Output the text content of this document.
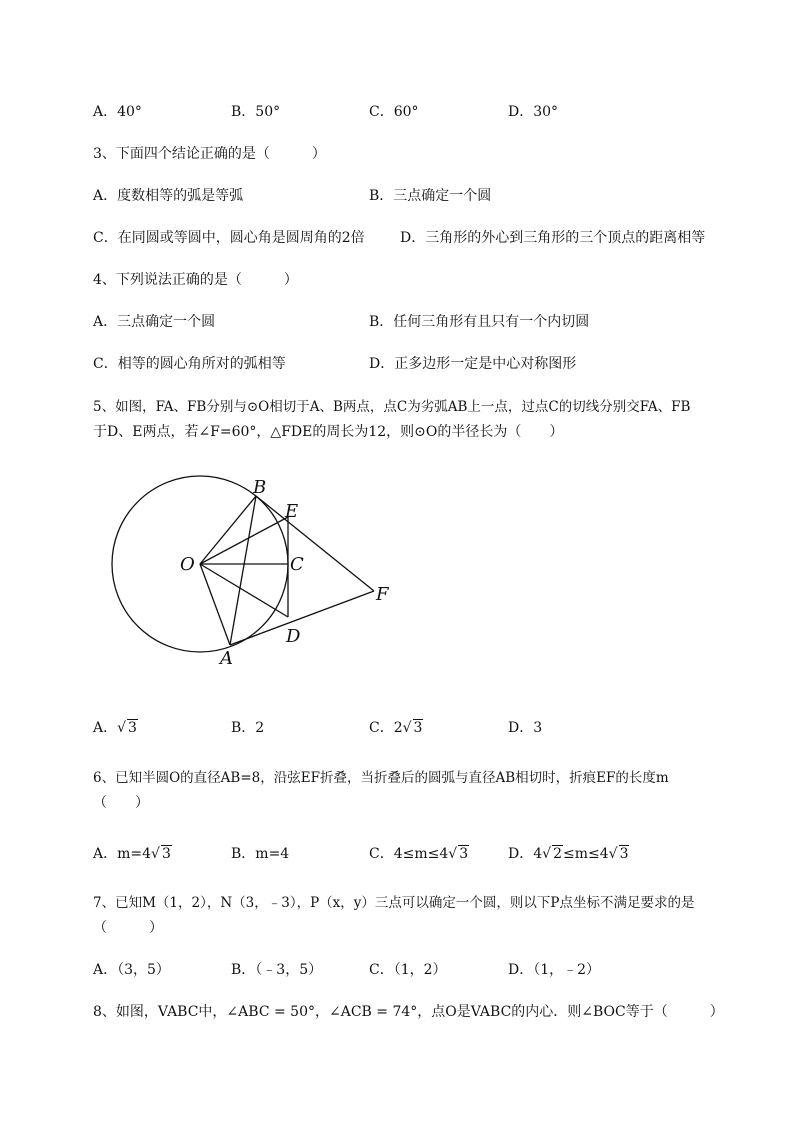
A．40°	B．50°	C．60°	D．30°
3、下面四个结论正确的是（　　　）
A．度数相等的弧是等弧	B．三点确定一个圆
C．在同圆或等圆中，圆心角是圆周角的2倍	D．三角形的外心到三角形的三个顶点的距离相等
4、下列说法正确的是（　　　）
A．三点确定一个圆	B．任何三角形有且只有一个内切圆
C．相等的圆心角所对的弧相等	D．正多边形一定是中心对称图形
5、如图，FA、FB分别与⊙O相切于A、B两点，点C为劣弧AB上一点，过点C的切线分别交FA、FB
于D、E两点，若∠F=60°，△FDE的周长为12，则⊙O的半径长为（　　）
B
E
O	C
F
D
A
A．√ 3	B．2	C．2√ 3	D．3
6、已知半圆O的直径AB=8，沿弦EF折叠，当折叠后的圆弧与直径AB相切时，折痕EF的长度m
（　　）
A．m=4√ 3	B．m=4	C．4≤m≤4√ 3	D．4√ 2≤m≤4√ 3
7、已知M（1，2），N（3，﹣3），P（x，y）三点可以确定一个圆，则以下P点坐标不满足要求的是
（　　　）
A．（3，5）	B．（﹣3，5）	C．（1，2）	D．（1，﹣2）
8、如图，VABC中，∠ABC = 50°，∠ACB = 74°，点O是VABC的内心．则∠BOC等于（　　　）
